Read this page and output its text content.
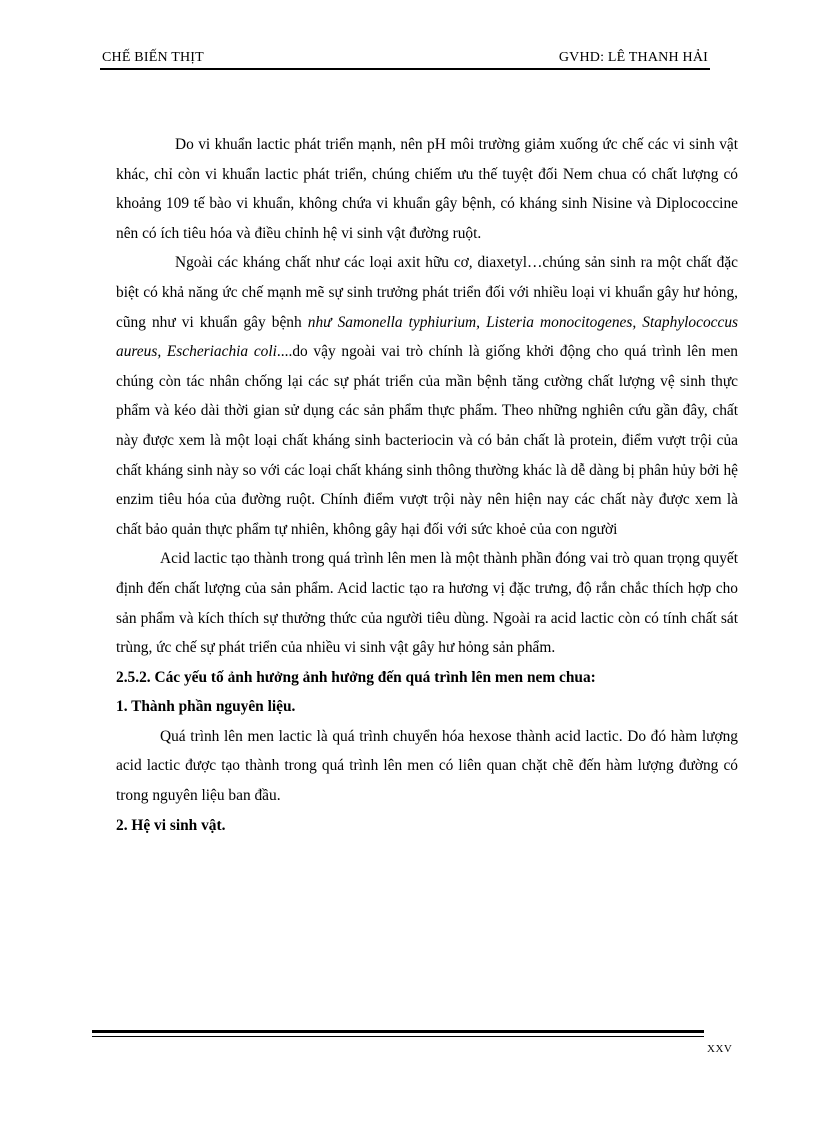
CHẾ BIẾN THỊT	GVHD: LÊ THANH HẢI

Do vi khuẩn lactic phát triển mạnh, nên pH môi trường giảm xuống ức chế các vi sinh vật khác, chỉ còn vi khuẩn lactic phát triển, chúng chiếm ưu thế tuyệt đối Nem chua có chất lượng có khoảng 109 tế bào vi khuẩn, không chứa vi khuẩn gây bệnh, có kháng sinh Nisine và Diplococcine nên có ích tiêu hóa và điều chỉnh hệ vi sinh vật đường ruột.

Ngoài các kháng chất như các loại axit hữu cơ, diaxetyl…chúng sản sinh ra một chất đặc biệt có khả năng ức chế mạnh mẽ sự sinh trưởng phát triển đối với nhiều loại vi khuẩn gây hư hỏng, cũng như vi khuẩn gây bệnh như Samonella typhiurium, Listeria monocitogenes, Staphylococcus aureus, Escheriachia coli....do vậy ngoài vai trò chính là giống khởi động cho quá trình lên men chúng còn tác nhân chống lại các sự phát triển của mần bệnh tăng cường chất lượng vệ sinh thực phẩm và kéo dài thời gian sử dụng các sản phẩm thực phẩm. Theo những nghiên cứu gần đây, chất này được xem là một loại chất kháng sinh bacteriocin và có bản chất là protein, điểm vượt trội của chất kháng sinh này so với các loại chất kháng sinh thông thường khác là dễ dàng bị phân hủy bởi hệ enzim tiêu hóa của đường ruột. Chính điểm vượt trội này nên hiện nay các chất này được xem là chất bảo quản thực phẩm tự nhiên, không gây hại đối với sức khoẻ của con người

Acid lactic tạo thành trong quá trình lên men là một thành phần đóng vai trò quan trọng quyết định đến chất lượng của sản phẩm. Acid lactic tạo ra hương vị đặc trưng, độ rắn chắc thích hợp cho sản phẩm và kích thích sự thưởng thức của người tiêu dùng. Ngoài ra acid lactic còn có tính chất sát trùng, ức chế sự phát triển của nhiều vi sinh vật gây hư hỏng sản phẩm.

2.5.2. Các yếu tố ảnh hưởng ảnh hưởng đến quá trình lên men nem chua:

1. Thành phần nguyên liệu.

Quá trình lên men lactic là quá trình chuyển hóa hexose thành acid lactic. Do đó hàm lượng acid lactic được tạo thành trong quá trình lên men có liên quan chặt chẽ đến hàm lượng đường có trong nguyên liệu ban đầu.

2. Hệ vi sinh vật.

XXV
